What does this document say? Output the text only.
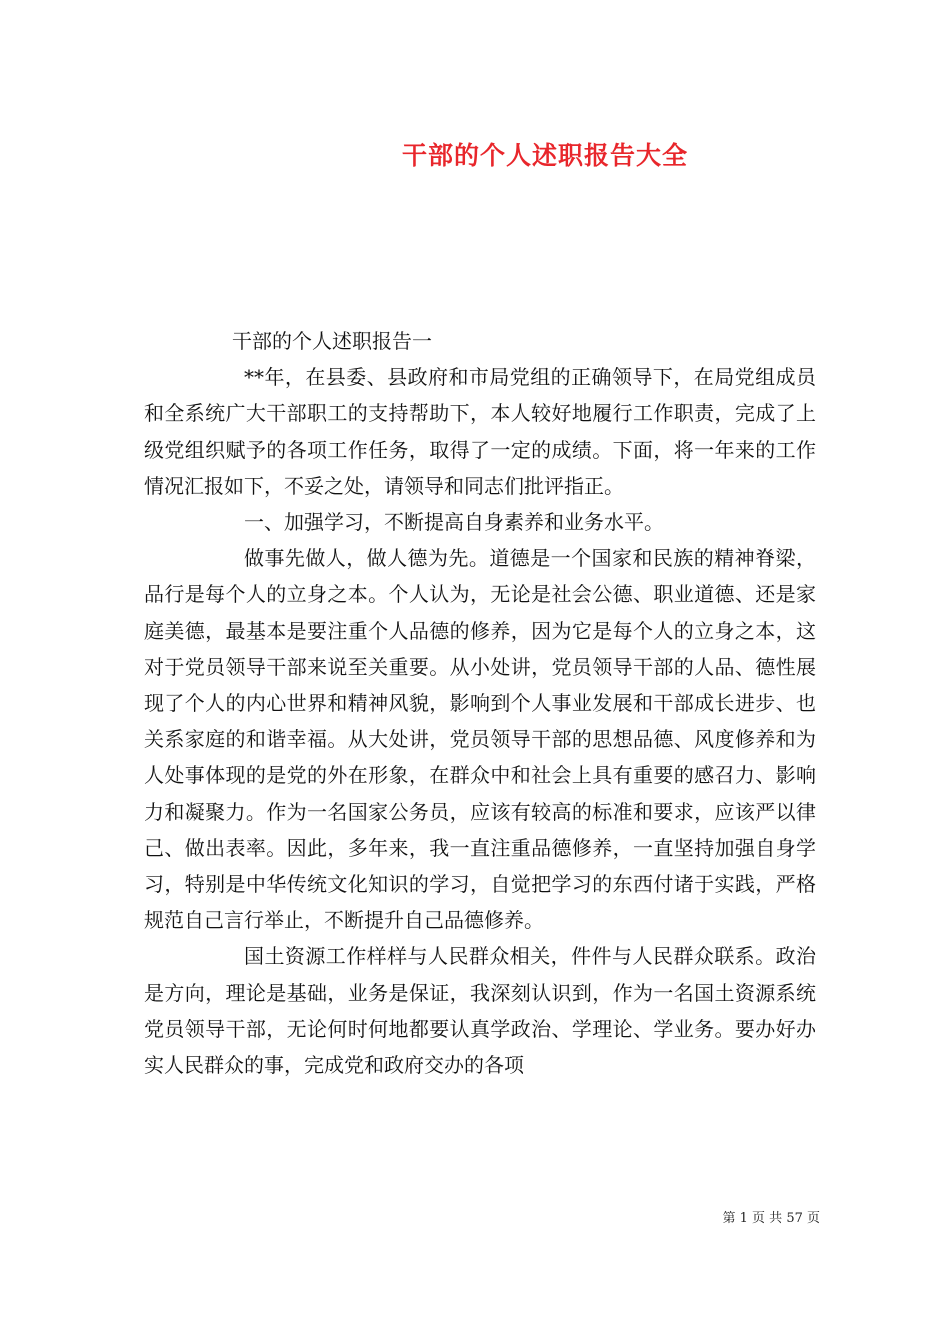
干部的个人述职报告大全

干部的个人述职报告一

**年，在县委、县政府和市局党组的正确领导下，在局党组成员和全系统广大干部职工的支持帮助下，本人较好地履行工作职责，完成了上级党组织赋予的各项工作任务，取得了一定的成绩。下面，将一年来的工作情况汇报如下，不妥之处，请领导和同志们批评指正。

一、加强学习，不断提高自身素养和业务水平。

做事先做人，做人德为先。道德是一个国家和民族的精神脊梁，品行是每个人的立身之本。个人认为，无论是社会公德、职业道德、还是家庭美德，最基本是要注重个人品德的修养，因为它是每个人的立身之本，这对于党员领导干部来说至关重要。从小处讲，党员领导干部的人品、德性展现了个人的内心世界和精神风貌，影响到个人事业发展和干部成长进步、也关系家庭的和谐幸福。从大处讲，党员领导干部的思想品德、风度修养和为人处事体现的是党的外在形象，在群众中和社会上具有重要的感召力、影响力和凝聚力。作为一名国家公务员，应该有较高的标准和要求，应该严以律己、做出表率。因此，多年来，我一直注重品德修养，一直坚持加强自身学习，特别是中华传统文化知识的学习，自觉把学习的东西付诸于实践，严格规范自己言行举止，不断提升自己品德修养。

国土资源工作样样与人民群众相关，件件与人民群众联系。政治是方向，理论是基础，业务是保证，我深刻认识到，作为一名国土资源系统党员领导干部，无论何时何地都要认真学政治、学理论、学业务。要办好办实人民群众的事，完成党和政府交办的各项

第 1 页 共 57 页
